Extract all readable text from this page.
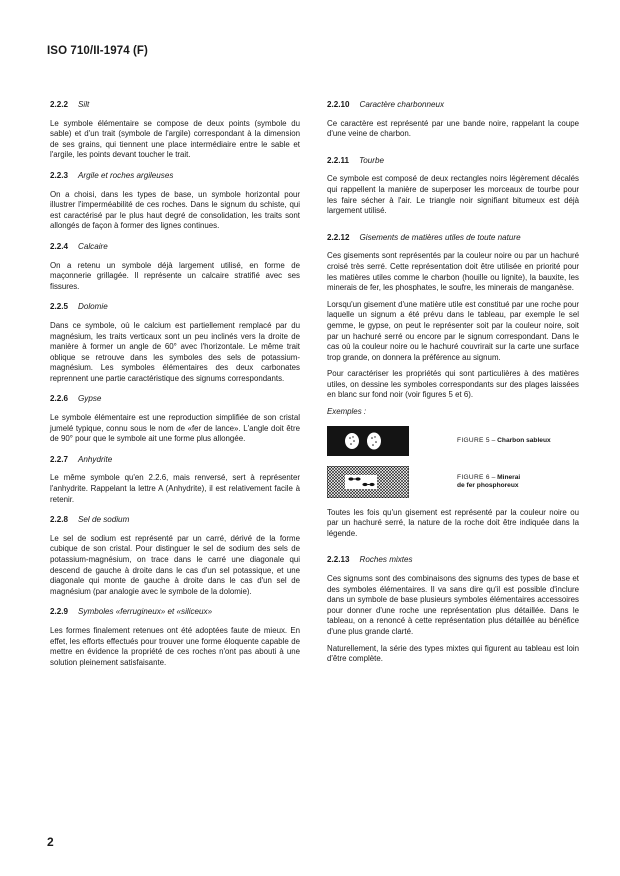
ISO 710/II-1974 (F)
2.2.2 Silt

Le symbole élémentaire se compose de deux points (symbole du sable) et d'un trait (symbole de l'argile) correspondant à la dimension de ses grains, qui tiennent une place intermédiaire entre le sable et l'argile, les points devant toucher le trait.

2.2.3 Argile et roches argileuses

On a choisi, dans les types de base, un symbole horizontal pour illustrer l'imperméabilité de ces roches. Dans le signum du schiste, qui est caractérisé par le plus haut degré de consolidation, les traits sont allongés de façon à former des lignes continues.

2.2.4 Calcaire

On a retenu un symbole déjà largement utilisé, en forme de maçonnerie grillagée. Il représente un calcaire stratifié avec ses fissures.

2.2.5 Dolomie

Dans ce symbole, où le calcium est partiellement remplacé par du magnésium, les traits verticaux sont un peu inclinés vers la droite de manière à former un angle de 60° avec l'horizontale. Le même trait oblique se retrouve dans les symboles des sels de potassium-magnésium. Les symboles élémentaires des deux carbonates reprennent une partie caractéristique des signums correspondants.

2.2.6 Gypse

Le symbole élémentaire est une reproduction simplifiée de son cristal jumelé typique, connu sous le nom de «fer de lance». L'angle doit être de 90° pour que le symbole ait une forme plus allongée.

2.2.7 Anhydrite

Le même symbole qu'en 2.2.6, mais renversé, sert à représenter l'anhydrite. Rappelant la lettre A (Anhydrite), il est relativement facile à retenir.

2.2.8 Sel de sodium

Le sel de sodium est représenté par un carré, dérivé de la forme cubique de son cristal. Pour distinguer le sel de sodium des sels de potassium-magnésium, on trace dans le carré une diagonale qui descend de gauche à droite dans le cas d'un sel potassique, et une diagonale qui monte de gauche à droite dans le cas d'un sel de magnésium (par analogie avec le symbole de la dolomie).

2.2.9 Symboles «ferrugineux» et «siliceux»

Les formes finalement retenues ont été adoptées faute de mieux. En effet, les efforts effectués pour trouver une forme éloquente capable de mettre en évidence la propriété de ces roches n'ont pas abouti à une solution pleinement satisfaisante.

2.2.10 Caractère charbonneux

Ce caractère est représenté par une bande noire, rappelant la coupe d'une veine de charbon.

2.2.11 Tourbe

Ce symbole est composé de deux rectangles noirs légèrement décalés qui rappellent la manière de superposer les morceaux de tourbe pour les faire sécher à l'air. Le triangle noir signifiant bitumeux est déjà largement utilisé.

2.2.12 Gisements de matières utiles de toute nature

Ces gisements sont représentés par la couleur noire ou par un hachuré croisé très serré. Cette représentation doit être utilisée en priorité pour les matières utiles comme le charbon (houille ou lignite), la bauxite, les minerais de fer, les phosphates, le soufre, les minerais de manganèse.

Lorsqu'un gisement d'une matière utile est constitué par une roche pour laquelle un signum a été prévu dans le tableau, par exemple le sel gemme, le gypse, on peut le représenter soit par la couleur noire, soit par un hachuré serré ou encore par le signum correspondant. Dans le cas où la couleur noire ou le hachuré couvrirait sur la carte une surface trop grande, on donnera la préférence au signum.

Pour caractériser les propriétés qui sont particulières à des matières utiles, on dessine les symboles correspondants sur des plages laissées en blanc sur fond noir (voir figures 5 et 6).

Exemples :
FIGURE 5 – Charbon sableux
FIGURE 6 – Minerai
de fer phosphoreux

Toutes les fois qu'un gisement est représenté par la couleur noire ou par un hachuré serré, la nature de la roche doit être indiquée dans la légende.

2.2.13 Roches mixtes

Ces signums sont des combinaisons des signums des types de base et des symboles élémentaires. Il va sans dire qu'il est possible d'inclure dans un symbole de base plusieurs symboles élémentaires accessoires pour donner d'une roche une représentation plus détaillée. Dans le tableau, on a renoncé à cette représentation plus détaillée au bénéfice d'une plus grande clarté.

Naturellement, la série des types mixtes qui figurent au tableau est loin d'être complète.

2
